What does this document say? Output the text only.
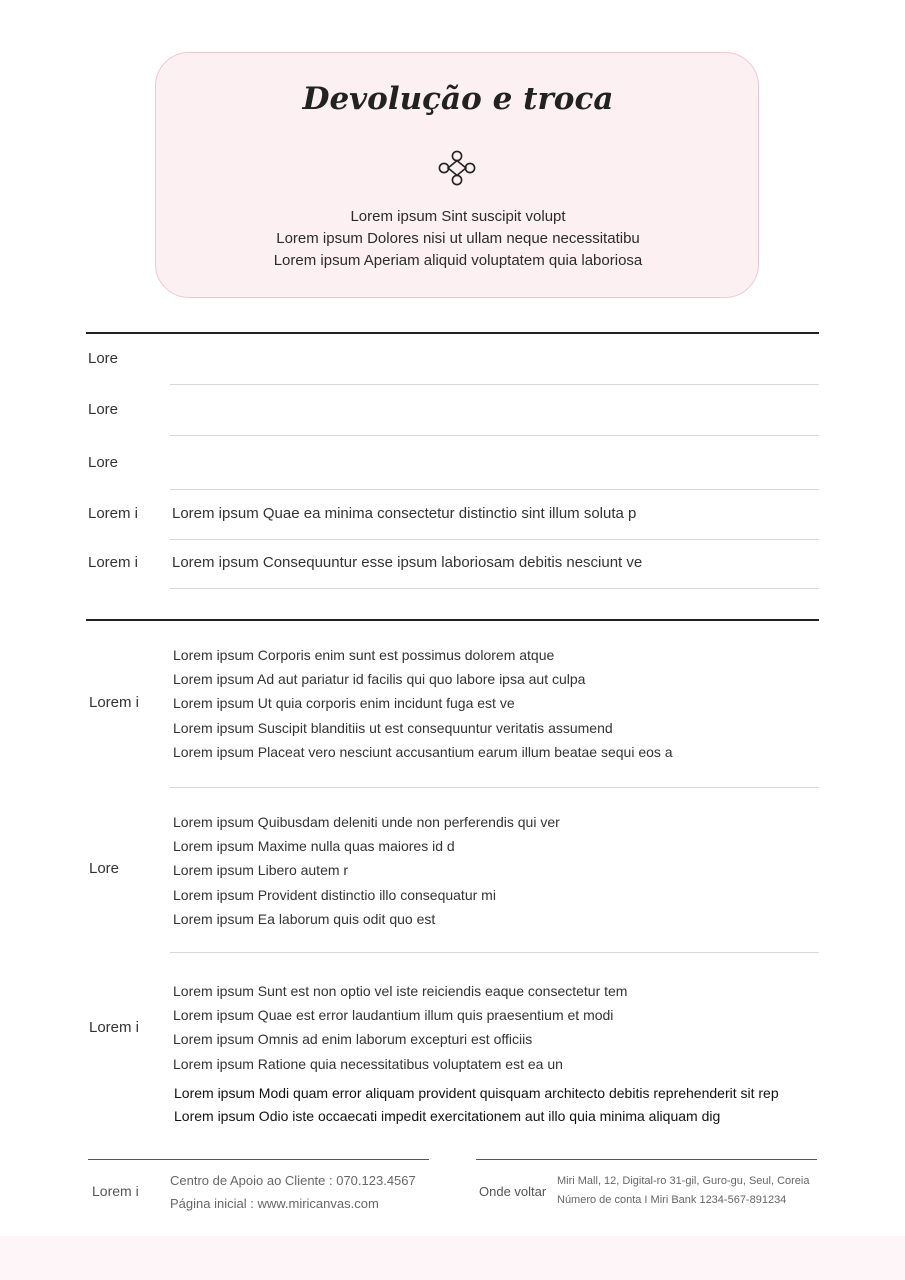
Devolução e troca
Lorem ipsum Sint suscipit volupt
Lorem ipsum Dolores nisi ut ullam neque necessitatibu
Lorem ipsum Aperiam aliquid voluptatem quia laboriosa
Lore
Lore
Lore
Lorem i Lorem ipsum Quae ea minima consectetur distinctio sint illum soluta p
Lorem i Lorem ipsum Consequuntur esse ipsum laboriosam debitis nesciunt ve
Lorem i
Lorem ipsum Corporis enim sunt est possimus dolorem atque
Lorem ipsum Ad aut pariatur id facilis qui quo labore ipsa aut culpa
Lorem ipsum Ut quia corporis enim incidunt fuga est ve
Lorem ipsum Suscipit blanditiis ut est consequuntur veritatis assumend
Lorem ipsum Placeat vero nesciunt accusantium earum illum beatae sequi eos a
Lore
Lorem ipsum Quibusdam deleniti unde non perferendis qui ver
Lorem ipsum Maxime nulla quas maiores id d
Lorem ipsum Libero autem r
Lorem ipsum Provident distinctio illo consequatur mi
Lorem ipsum Ea laborum quis odit quo est
Lorem i
Lorem ipsum Sunt est non optio vel iste reiciendis eaque consectetur tem
Lorem ipsum Quae est error laudantium illum quis praesentium et modi
Lorem ipsum Omnis ad enim laborum excepturi est officiis
Lorem ipsum Ratione quia necessitatibus voluptatem est ea un
Lorem ipsum Modi quam error aliquam provident quisquam architecto debitis reprehenderit sit rep
Lorem ipsum Odio iste occaecati impedit exercitationem aut illo quia minima aliquam dig
Lorem i
Centro de Apoio ao Cliente : 070.123.4567
Página inicial : www.miricanvas.com
Onde voltar
Miri Mall, 12, Digital-ro 31-gil, Guro-gu, Seul, Coreia
Número de conta I Miri Bank 1234-567-891234
